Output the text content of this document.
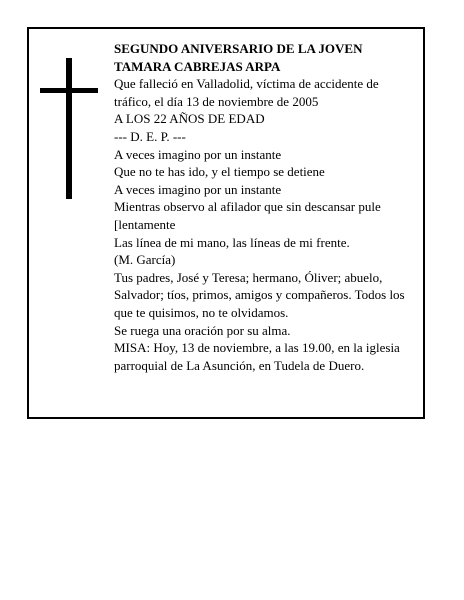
SEGUNDO ANIVERSARIO DE LA JOVEN
TAMARA CABREJAS ARPA
Que falleció en Valladolid, víctima de accidente de
tráfico, el día 13 de noviembre de 2005
A LOS 22 AÑOS DE EDAD
--- D. E. P. ---
A veces imagino por un instante
Que no te has ido, y el tiempo se detiene
A veces imagino por un instante
Mientras observo al afilador que sin descansar pule
[lentamente
Las línea de mi mano, las líneas de mi frente.
(M. García)
Tus padres, José y Teresa; hermano, Óliver; abuelo,
Salvador; tíos, primos, amigos y compañeros. Todos los
que te quisimos, no te olvidamos.
Se ruega una oración por su alma.
MISA: Hoy, 13 de noviembre, a las 19.00, en la iglesia
parroquial de La Asunción, en Tudela de Duero.
